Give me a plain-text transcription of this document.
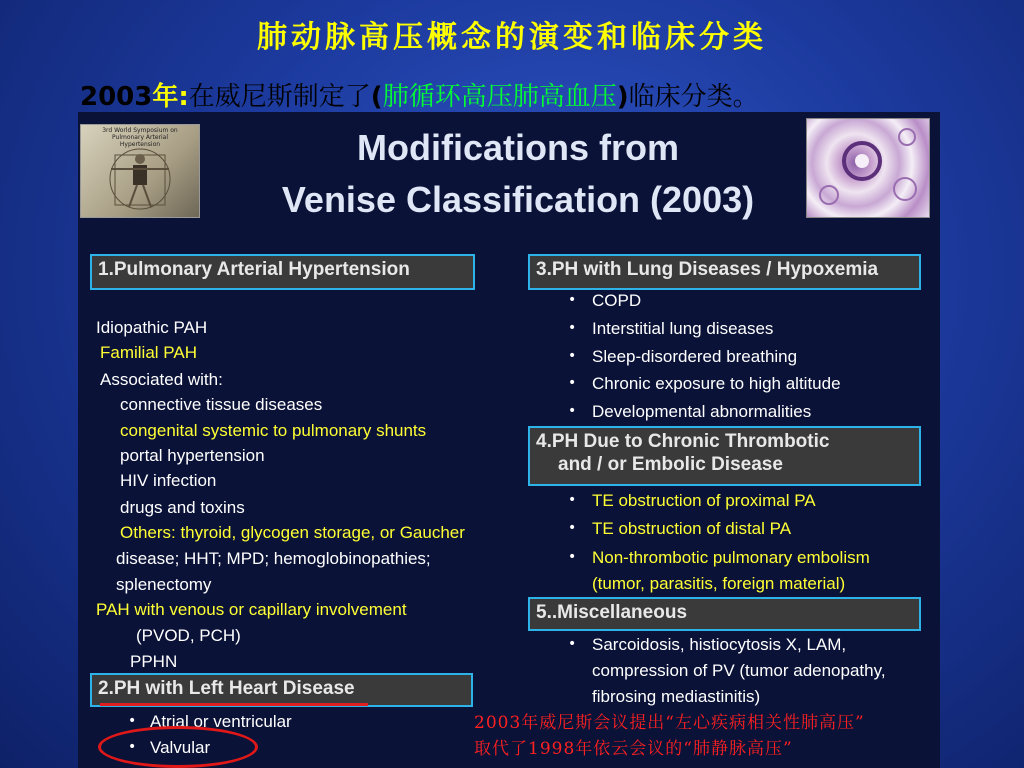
肺动脉高压概念的演变和临床分类
2003年:在威尼斯制定了(肺循环高压肺高血压)临床分类。
3rd World Symposium on Pulmonary Arterial Hypertension	Modifications from
Venise Classification (2003)
1.Pulmonary Arterial Hypertension
Idiopathic PAH
Familial PAH
Associated with:
connective tissue diseases
congenital systemic to pulmonary shunts
portal hypertension
HIV infection
drugs and toxins
Others: thyroid, glycogen storage, or Gaucher
disease; HHT; MPD; hemoglobinopathies;
splenectomy
PAH with venous or capillary involvement
(PVOD, PCH)
PPHN
2.PH with Left Heart Disease
• Atrial or ventricular
• Valvular
3.PH with Lung Diseases / Hypoxemia
• COPD
• Interstitial lung diseases
• Sleep-disordered breathing
• Chronic exposure to high altitude
• Developmental abnormalities
4.PH Due to Chronic Thrombotic
and / or Embolic Disease
• TE obstruction of proximal PA
• TE obstruction of distal PA
• Non-thrombotic pulmonary embolism
(tumor, parasitis, foreign material)
5..Miscellaneous
• Sarcoidosis, histiocytosis X, LAM,
compression of PV (tumor adenopathy,
fibrosing mediastinitis)
2003年威尼斯会议提出“左心疾病相关性肺高压”
取代了1998年依云会议的“肺静脉高压”
